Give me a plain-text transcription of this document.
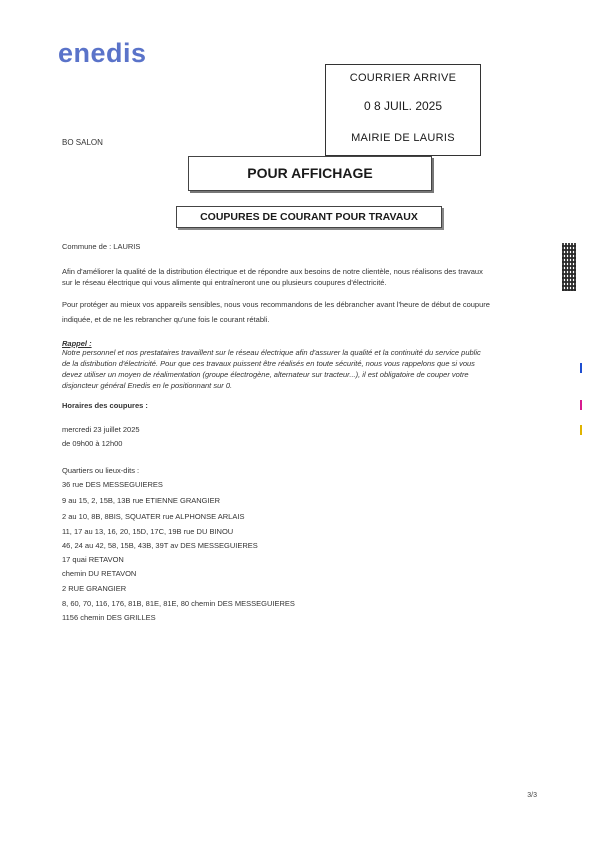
enedis
COURRIER ARRIVE
0 8 JUIL. 2025
MAIRIE DE LAURIS
BO SALON
POUR AFFICHAGE
COUPURES DE COURANT POUR TRAVAUX
Commune de : LAURIS
Afin d'améliorer la qualité de la distribution électrique et de répondre aux besoins de notre clientèle, nous réalisons des travaux
sur le réseau électrique qui vous alimente qui entraîneront une ou plusieurs coupures d'électricité.
Pour protéger au mieux vos appareils sensibles, nous vous recommandons de les débrancher avant l'heure de début de coupure
indiquée, et de ne les rebrancher qu'une fois le courant rétabli.
Rappel :
Notre personnel et nos prestataires travaillent sur le réseau électrique afin d'assurer la qualité et la continuité du service public
de la distribution d'électricité. Pour que ces travaux puissent être réalisés en toute sécurité, nous vous rappelons que si vous
devez utiliser un moyen de réalimentation (groupe électrogène, alternateur sur tracteur...), il est obligatoire de couper votre
disjoncteur général Enedis en le positionnant sur 0.
Horaires des coupures :
mercredi 23 juillet 2025
de 09h00 à 12h00
Quartiers ou lieux-dits :
36 rue DES MESSEGUIERES
9 au 15, 2, 15B, 13B rue ETIENNE GRANGIER
2 au 10, 8B, 8BIS, SQUATER rue ALPHONSE ARLAIS
11, 17 au 13, 16, 20, 15D, 17C, 19B rue DU BINOU
46, 24 au 42, 58, 15B, 43B, 39T av DES MESSEGUIERES
17 quai RETAVON
chemin DU RETAVON
2 RUE GRANGIER
8, 60, 70, 116, 176, 81B, 81E, 81E, 80 chemin DES MESSEGUIERES
1156 chemin DES GRILLES
3/3
